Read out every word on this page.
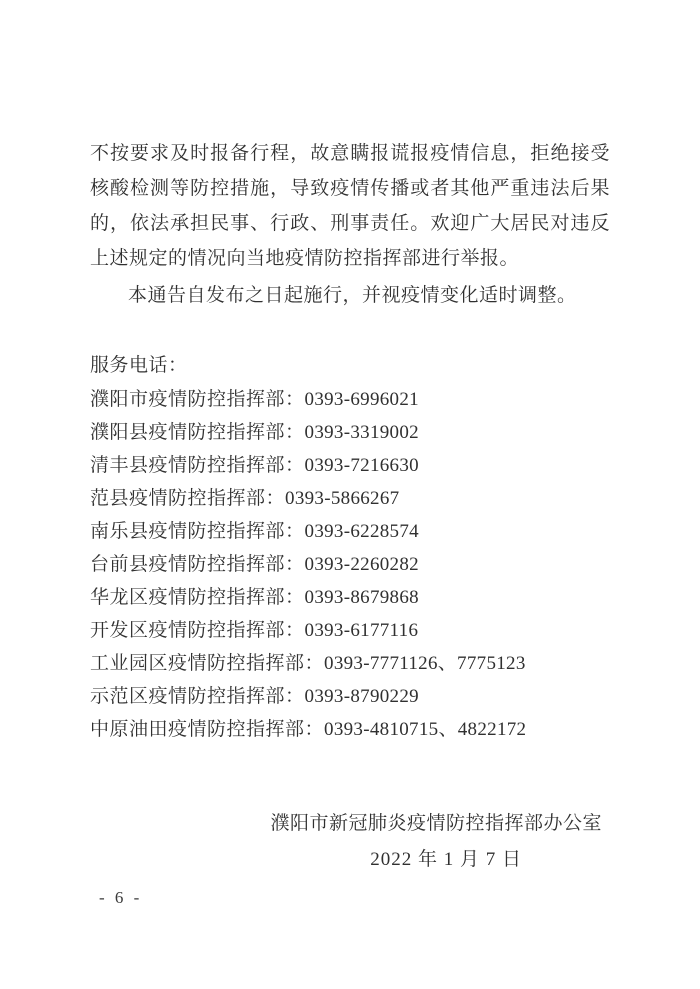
不按要求及时报备行程，故意瞒报谎报疫情信息，拒绝接受核酸检测等防控措施，导致疫情传播或者其他严重违法后果的，依法承担民事、行政、刑事责任。欢迎广大居民对违反上述规定的情况向当地疫情防控指挥部进行举报。

本通告自发布之日起施行，并视疫情变化适时调整。

服务电话：

濮阳市疫情防控指挥部：0393-6996021
濮阳县疫情防控指挥部：0393-3319002
清丰县疫情防控指挥部：0393-7216630
范县疫情防控指挥部：0393-5866267
南乐县疫情防控指挥部：0393-6228574
台前县疫情防控指挥部：0393-2260282
华龙区疫情防控指挥部：0393-8679868
开发区疫情防控指挥部：0393-6177116
工业园区疫情防控指挥部：0393-7771126、7775123
示范区疫情防控指挥部：0393-8790229
中原油田疫情防控指挥部：0393-4810715、4822172

濮阳市新冠肺炎疫情防控指挥部办公室

2022 年 1 月 7 日

- 6 -
